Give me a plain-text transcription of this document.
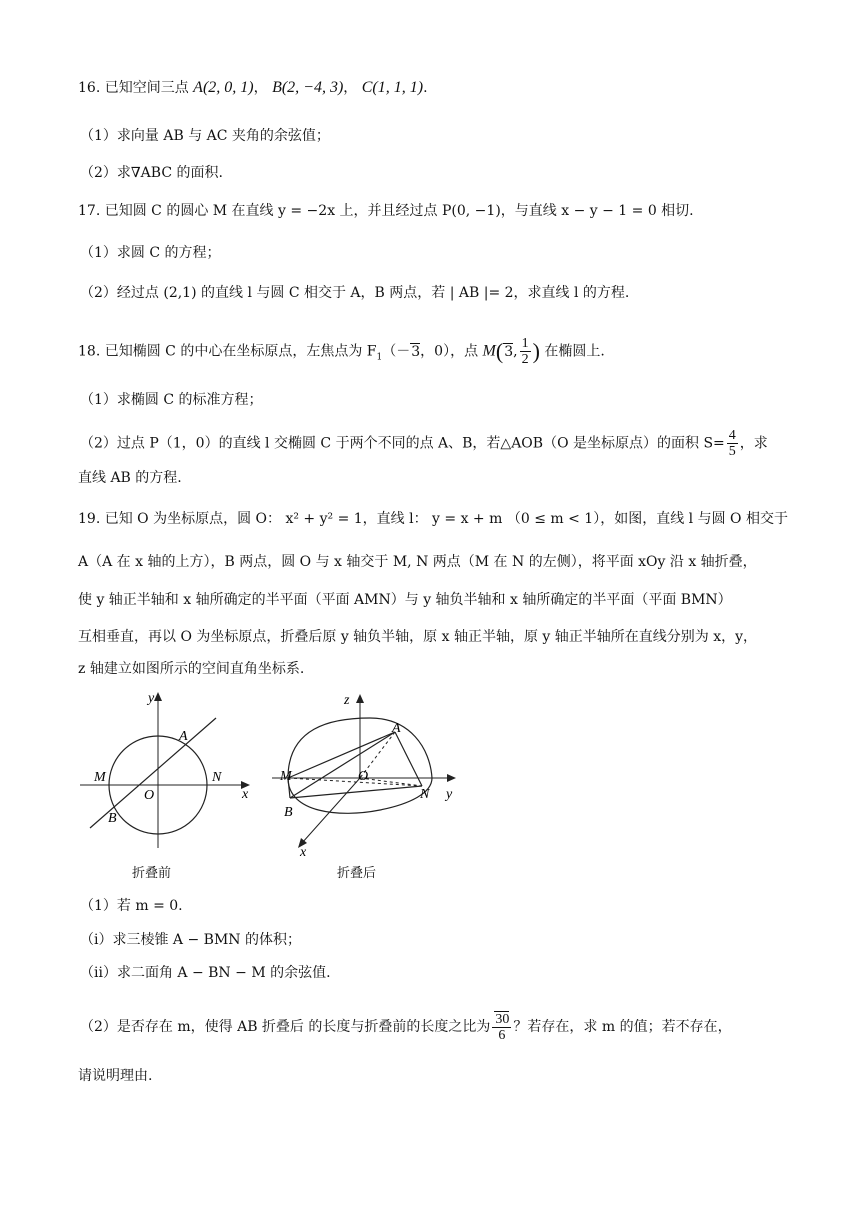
16. 已知空间三点 A(2, 0, 1)， B(2, −4, 3)， C(1, 1, 1).
（1）求向量 AB 与 AC 夹角的余弦值；
（2）求∇ABC 的面积.
17. 已知圆 C 的圆心 M 在直线 y = −2x 上，并且经过点 P(0, −1)，与直线 x − y − 1 = 0 相切.
（1）求圆 C 的方程；
（2）经过点 (2,1) 的直线 l 与圆 C 相交于 A，B 两点，若 | AB |= 2，求直线 l 的方程.
18. 已知椭圆 C 的中心在坐标原点，左焦点为 $F_1(-3$，0），点 M(3, $\frac{1}{2}$ ) 在椭圆上.
（1）求椭圆 C 的标准方程；
（2）过点 P（1，0）的直线 l 交椭圆 C 于两个不同的点 A、B，若△AOB（O 是坐标原点）的面积 $S= \frac{4}{5}$ ，求
直线 AB 的方程.
19. 已知 O 为坐标原点，圆 O： x² + y² = 1，直线 l： y = x + m （0 ≤ m < 1），如图，直线 l 与圆 O 相交于
A（A 在 x 轴的上方），B 两点，圆 O 与 x 轴交于 M, N 两点（M 在 N 的左侧），将平面 xOy 沿 x 轴折叠，
使 y 轴正半轴和 x 轴所确定的半平面（平面 AMN）与 y 轴负半轴和 x 轴所确定的半平面（平面 BMN）
互相垂直，再以 O 为坐标原点，折叠后原 y 轴负半轴，原 x 轴正半轴，原 y 轴正半轴所在直线分别为 x，y，
z 轴建立如图所示的空间直角坐标系.
y
x
O
A
B
M	N
折叠前
z
y
x
O
A
B
M
N
折叠后
（1）若 m = 0.
（ⅰ）求三棱锥 A − BMN 的体积；
（ⅱ）求二面角 A − BN − M 的余弦值.
（2）是否存在 m，使得 AB 折叠后 的长度与折叠前的长度之比为 $\frac{30}{6}$ ？若存在，求 m 的值；若不存在，
请说明理由.
